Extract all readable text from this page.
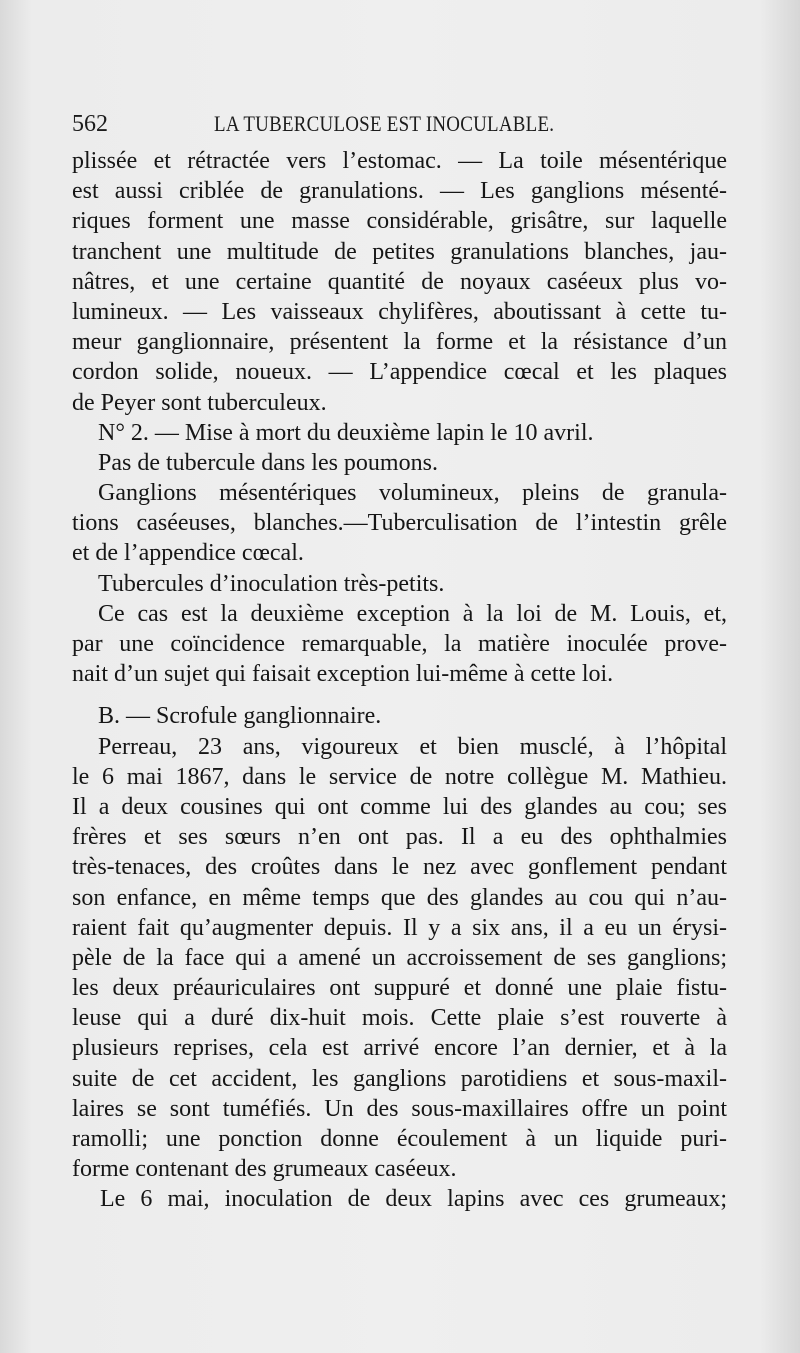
562	LA TUBERCULOSE EST INOCULABLE.
plissée et rétractée vers l’estomac. — La toile mésentérique
est aussi criblée de granulations. — Les ganglions mésenté-
riques forment une masse considérable, grisâtre, sur laquelle
tranchent une multitude de petites granulations blanches, jau-
nâtres, et une certaine quantité de noyaux caséeux plus vo-
lumineux. — Les vaisseaux chylifères, aboutissant à cette tu-
meur ganglionnaire, présentent la forme et la résistance d’un
cordon solide, noueux. — L’appendice cœcal et les plaques
de Peyer sont tuberculeux.
N° 2. — Mise à mort du deuxième lapin le 10 avril.
Pas de tubercule dans les poumons.
Ganglions mésentériques volumineux, pleins de granula-
tions caséeuses, blanches.—Tuberculisation de l’intestin grêle
et de l’appendice cœcal.
Tubercules d’inoculation très-petits.
Ce cas est la deuxième exception à la loi de M. Louis, et,
par une coïncidence remarquable, la matière inoculée prove-
nait d’un sujet qui faisait exception lui-même à cette loi.
B. — Scrofule ganglionnaire.
Perreau, 23 ans, vigoureux et bien musclé, à l’hôpital
le 6 mai 1867, dans le service de notre collègue M. Mathieu.
Il a deux cousines qui ont comme lui des glandes au cou; ses
frères et ses sœurs n’en ont pas. Il a eu des ophthalmies
très-tenaces, des croûtes dans le nez avec gonflement pendant
son enfance, en même temps que des glandes au cou qui n’au-
raient fait qu’augmenter depuis. Il y a six ans, il a eu un érysi-
pèle de la face qui a amené un accroissement de ses ganglions;
les deux préauriculaires ont suppuré et donné une plaie fistu-
leuse qui a duré dix-huit mois. Cette plaie s’est rouverte à
plusieurs reprises, cela est arrivé encore l’an dernier, et à la
suite de cet accident, les ganglions parotidiens et sous-maxil-
laires se sont tuméfiés. Un des sous-maxillaires offre un point
ramolli; une ponction donne écoulement à un liquide puri-
forme contenant des grumeaux caséeux.
Le 6 mai, inoculation de deux lapins avec ces grumeaux;
